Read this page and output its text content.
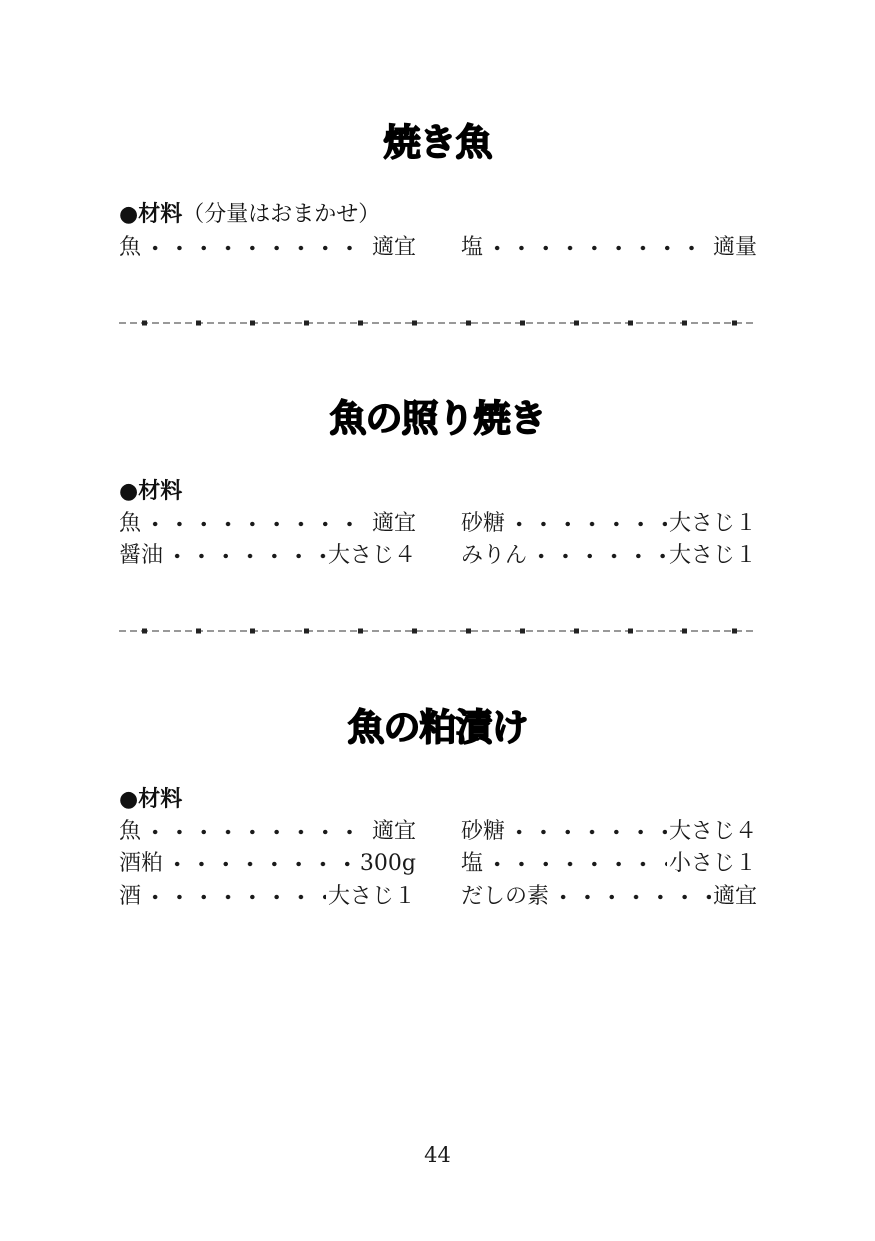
焼き魚
●材料（分量はおまかせ）
魚	適宜 塩	適量
魚の照り焼き
●材料
魚	適宜 砂糖	大さじ１
醤油	大さじ４ みりん	大さじ１
魚の粕漬け
●材料
魚	適宜 砂糖	大さじ４
酒粕	300g 塩	小さじ１
酒	大さじ１ だしの素	適宜
44
